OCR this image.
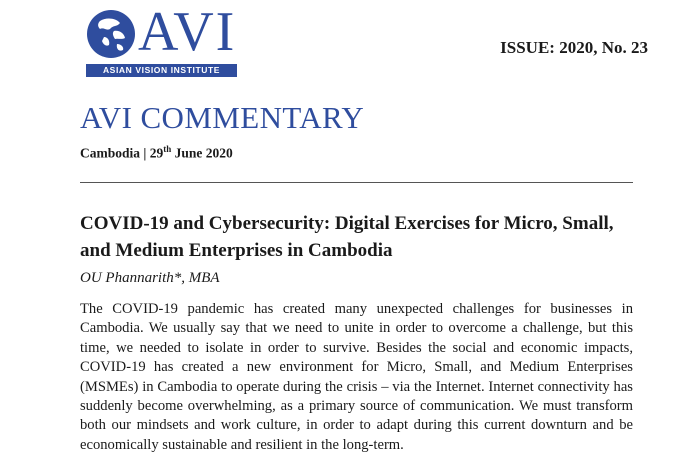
AVI
ASIAN VISION INSTITUTE
ISSUE: 2020, No. 23
AVI COMMENTARY
Cambodia | 29th June 2020
COVID-19 and Cybersecurity: Digital Exercises for Micro, Small, and Medium Enterprises in Cambodia
OU Phannarith*, MBA
The COVID-19 pandemic has created many unexpected challenges for businesses in Cambodia. We usually say that we need to unite in order to overcome a challenge, but this time, we needed to isolate in order to survive. Besides the social and economic impacts, COVID-19 has created a new environment for Micro, Small, and Medium Enterprises (MSMEs) in Cambodia to operate during the crisis – via the Internet. Internet connectivity has suddenly become overwhelming, as a primary source of communication. We must transform both our mindsets and work culture, in order to adapt during this current downturn and be economically sustainable and resilient in the long-term.
